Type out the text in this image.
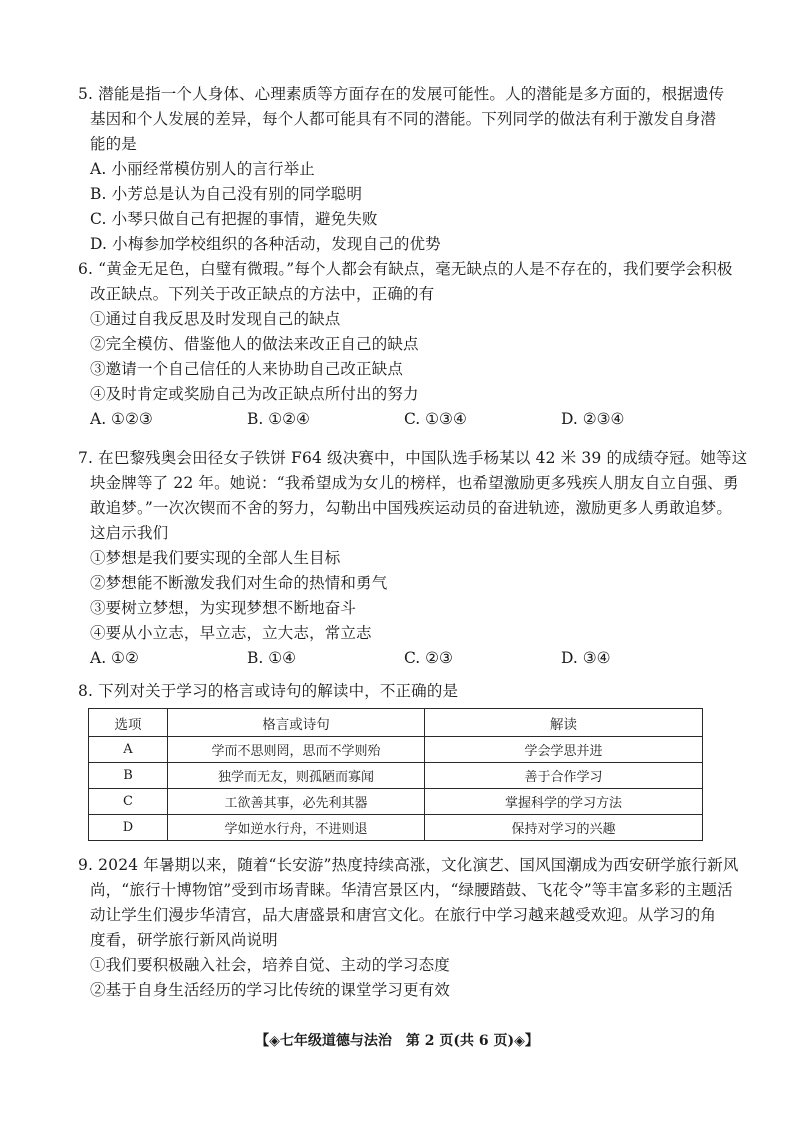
5. 潜能是指一个人身体、心理素质等方面存在的发展可能性。人的潜能是多方面的，根据遗传
基因和个人发展的差异，每个人都可能具有不同的潜能。下列同学的做法有利于激发自身潜
能的是
A. 小丽经常模仿别人的言行举止
B. 小芳总是认为自己没有别的同学聪明
C. 小琴只做自己有把握的事情，避免失败
D. 小梅参加学校组织的各种活动，发现自己的优势
6. “黄金无足色，白璧有微瑕。”每个人都会有缺点，毫无缺点的人是不存在的，我们要学会积极
改正缺点。下列关于改正缺点的方法中，正确的有
①通过自我反思及时发现自己的缺点
②完全模仿、借鉴他人的做法来改正自己的缺点
③邀请一个自己信任的人来协助自己改正缺点
④及时肯定或奖励自己为改正缺点所付出的努力
A. ①②③	B. ①②④	C. ①③④	D. ②③④
7. 在巴黎残奥会田径女子铁饼 F64 级决赛中，中国队选手杨某以 42 米 39 的成绩夺冠。她等这
块金牌等了 22 年。她说：“我希望成为女儿的榜样，也希望激励更多残疾人朋友自立自强、勇
敢追梦。”一次次锲而不舍的努力，勾勒出中国残疾运动员的奋进轨迹，激励更多人勇敢追梦。
这启示我们
①梦想是我们要实现的全部人生目标
②梦想能不断激发我们对生命的热情和勇气
③要树立梦想，为实现梦想不断地奋斗
④要从小立志，早立志，立大志，常立志
A. ①②	B. ①④	C. ②③	D. ③④
8. 下列对关于学习的格言或诗句的解读中，不正确的是
选项	格言或诗句	解读
A	学而不思则罔，思而不学则殆	学会学思并进
B	独学而无友，则孤陋而寡闻	善于合作学习
C	工欲善其事，必先利其器	掌握科学的学习方法
D	学如逆水行舟，不进则退	保持对学习的兴趣
9. 2024 年暑期以来，随着“长安游”热度持续高涨，文化演艺、国风国潮成为西安研学旅行新风
尚，“旅行十博物馆”受到市场青睐。华清宫景区内，“绿腰踏鼓、飞花令”等丰富多彩的主题活
动让学生们漫步华清宫，品大唐盛景和唐宫文化。在旅行中学习越来越受欢迎。从学习的角
度看，研学旅行新风尚说明
①我们要积极融入社会，培养自觉、主动的学习态度
②基于自身生活经历的学习比传统的课堂学习更有效
【◈七年级道德与法治　第 2 页(共 6 页)◈】
